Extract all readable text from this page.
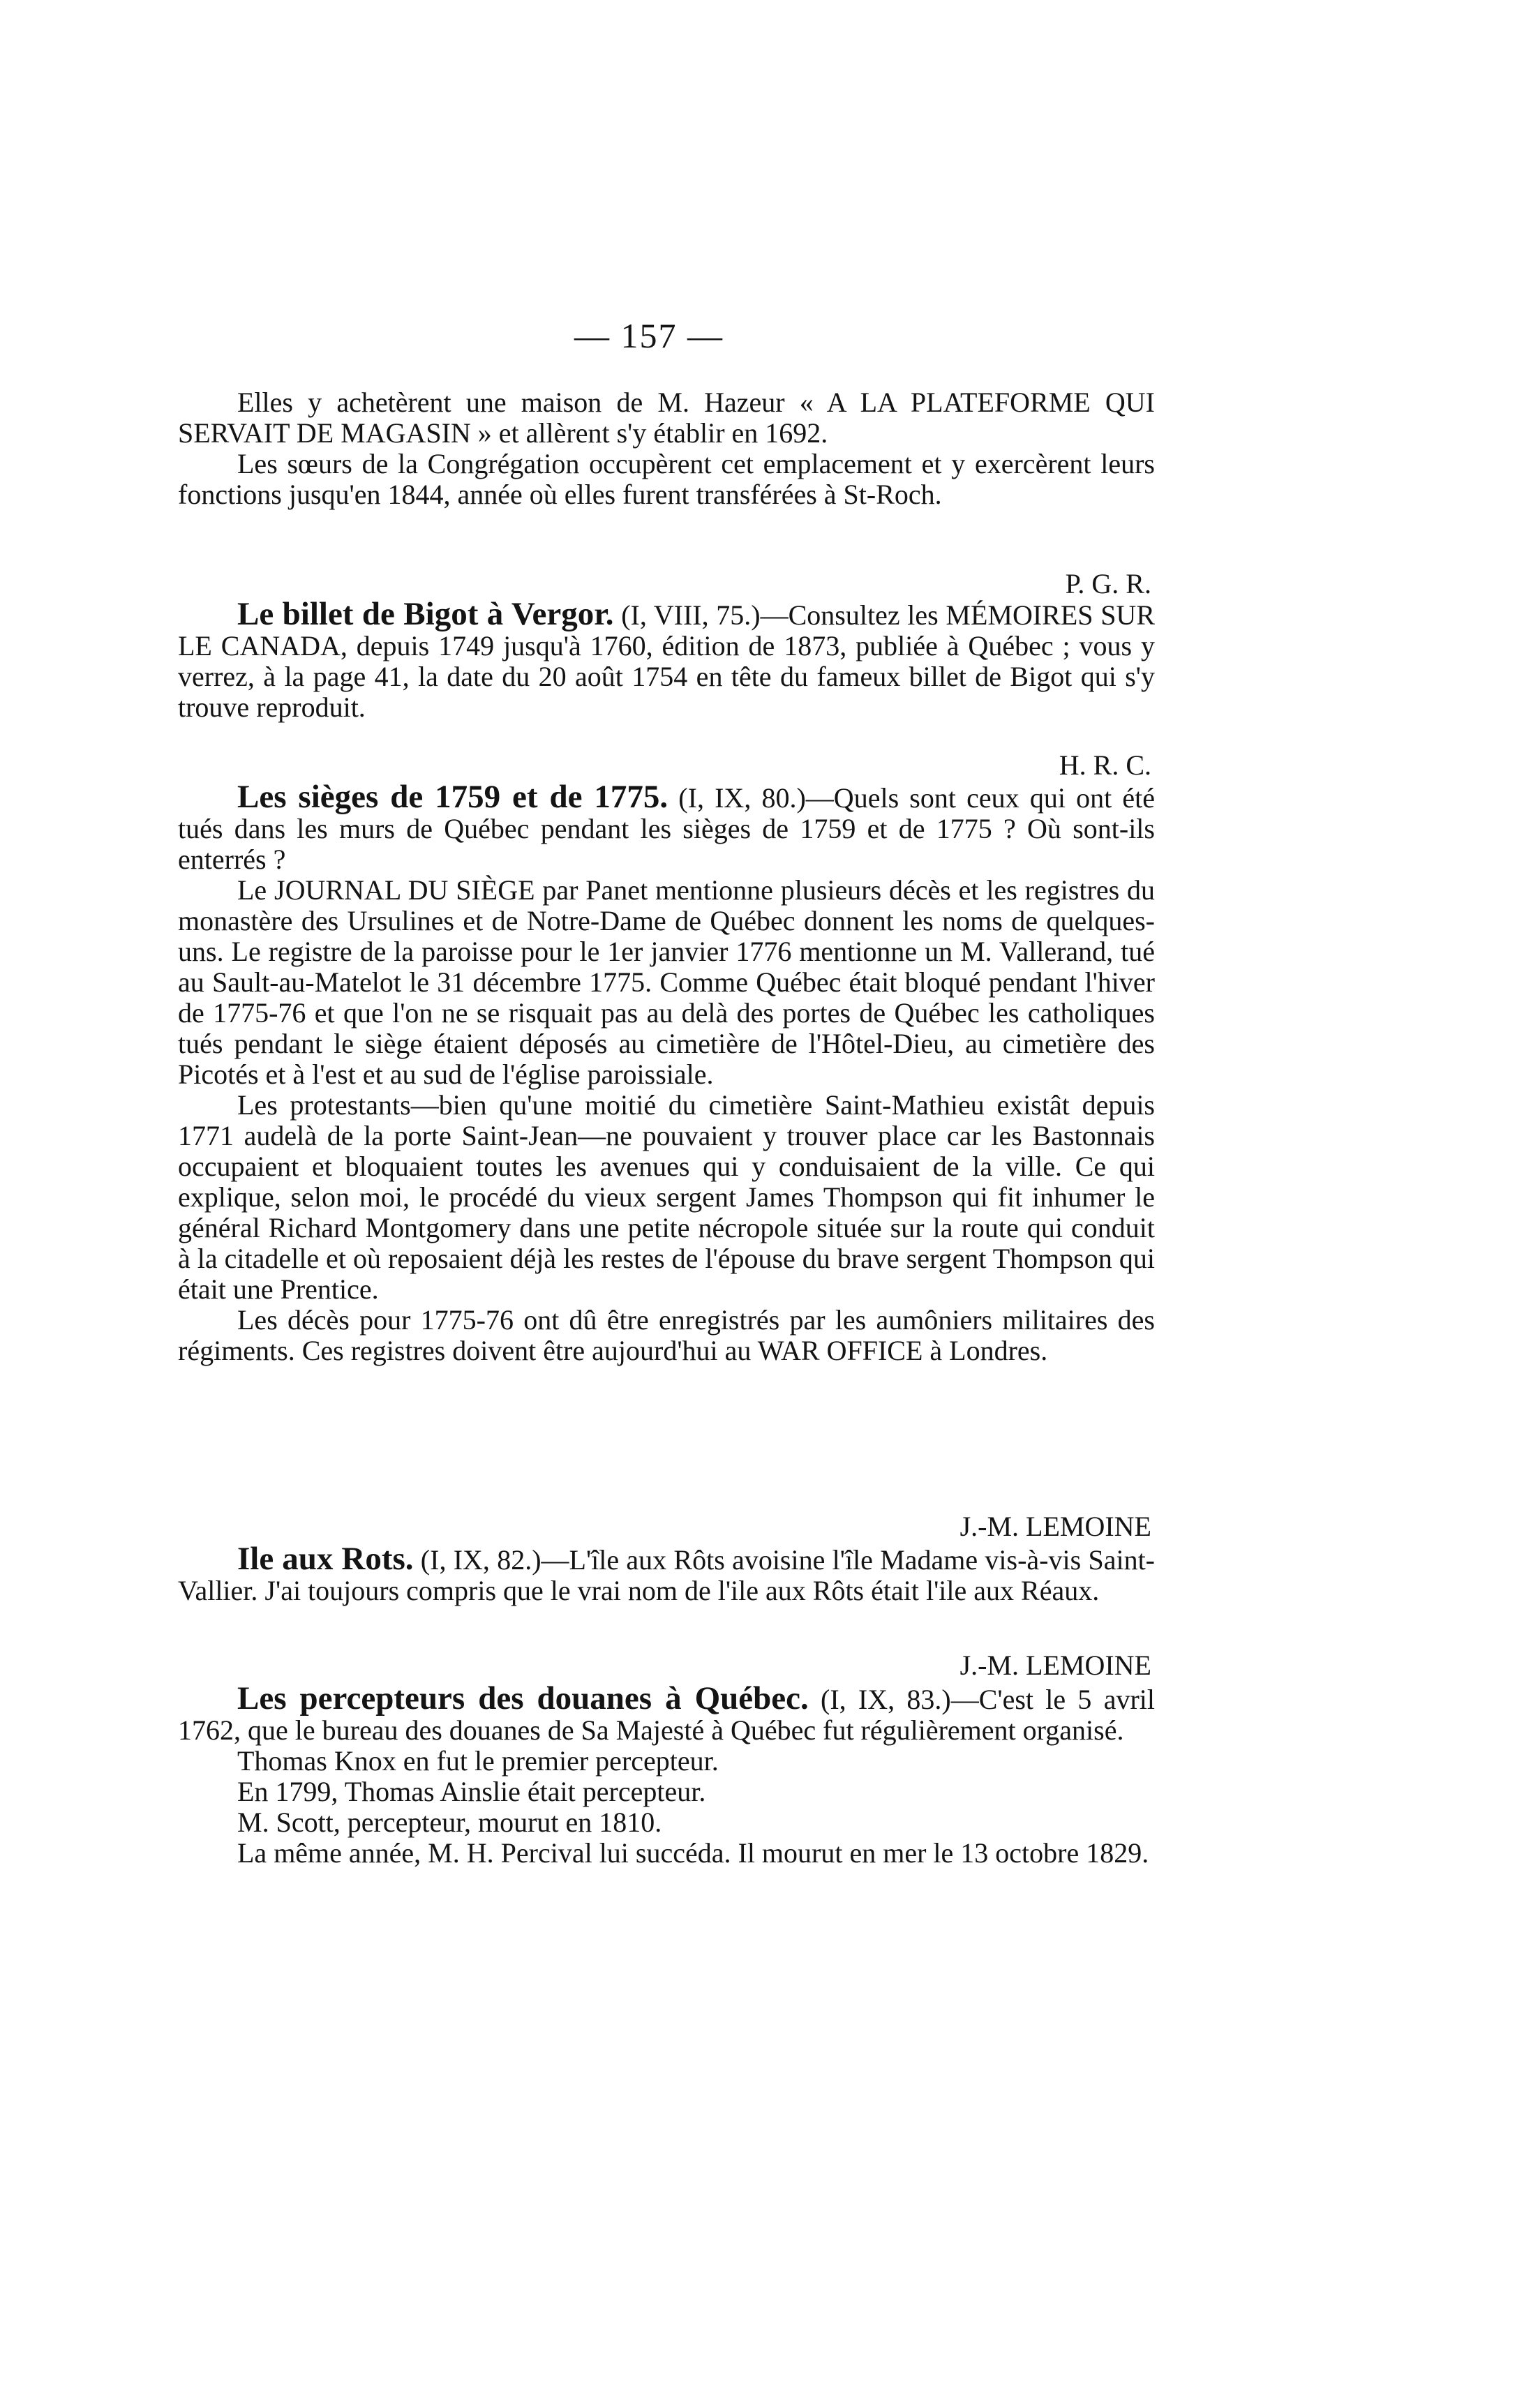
— 157 —

Elles y achetèrent une maison de M. Hazeur « A LA PLATEFORME QUI SERVAIT DE MAGASIN » et allèrent s'y établir en 1692.

Les sœurs de la Congrégation occupèrent cet emplacement et y exercèrent leurs fonctions jusqu'en 1844, année où elles furent transférées à St-Roch.

P. G. R.

Le billet de Bigot à Vergor. (I, VIII, 75.)—Consultez les MÉMOIRES SUR LE CANADA, depuis 1749 jusqu'à 1760, édition de 1873, publiée à Québec ; vous y verrez, à la page 41, la date du 20 août 1754 en tête du fameux billet de Bigot qui s'y trouve reproduit.

H. R. C.

Les sièges de 1759 et de 1775. (I, IX, 80.)—Quels sont ceux qui ont été tués dans les murs de Québec pendant les sièges de 1759 et de 1775 ? Où sont-ils enterrés ?

Le JOURNAL DU SIÈGE par Panet mentionne plusieurs décès et les registres du monastère des Ursulines et de Notre-Dame de Québec donnent les noms de quelques-uns. Le registre de la paroisse pour le 1er janvier 1776 mentionne un M. Vallerand, tué au Sault-au-Matelot le 31 décembre 1775. Comme Québec était bloqué pendant l'hiver de 1775-76 et que l'on ne se risquait pas au delà des portes de Québec les catholiques tués pendant le siège étaient déposés au cimetière de l'Hôtel-Dieu, au cimetière des Picotés et à l'est et au sud de l'église paroissiale.

Les protestants—bien qu'une moitié du cimetière Saint-Mathieu existât depuis 1771 audelà de la porte Saint-Jean—ne pouvaient y trouver place car les Bastonnais occupaient et bloquaient toutes les avenues qui y conduisaient de la ville. Ce qui explique, selon moi, le procédé du vieux sergent James Thompson qui fit inhumer le général Richard Montgomery dans une petite nécropole située sur la route qui conduit à la citadelle et où reposaient déjà les restes de l'épouse du brave sergent Thompson qui était une Prentice.

Les décès pour 1775-76 ont dû être enregistrés par les aumôniers militaires des régiments. Ces registres doivent être aujourd'hui au WAR OFFICE à Londres.

J.-M. LEMOINE

Ile aux Rots. (I, IX, 82.)—L'île aux Rôts avoisine l'île Madame vis-à-vis Saint-Vallier. J'ai toujours compris que le vrai nom de l'ile aux Rôts était l'ile aux Réaux.

J.-M. LEMOINE

Les percepteurs des douanes à Québec. (I, IX, 83.)—C'est le 5 avril 1762, que le bureau des douanes de Sa Majesté à Québec fut régulièrement organisé.

Thomas Knox en fut le premier percepteur.

En 1799, Thomas Ainslie était percepteur.

M. Scott, percepteur, mourut en 1810.

La même année, M. H. Percival lui succéda. Il mourut en mer le 13 octobre 1829.
